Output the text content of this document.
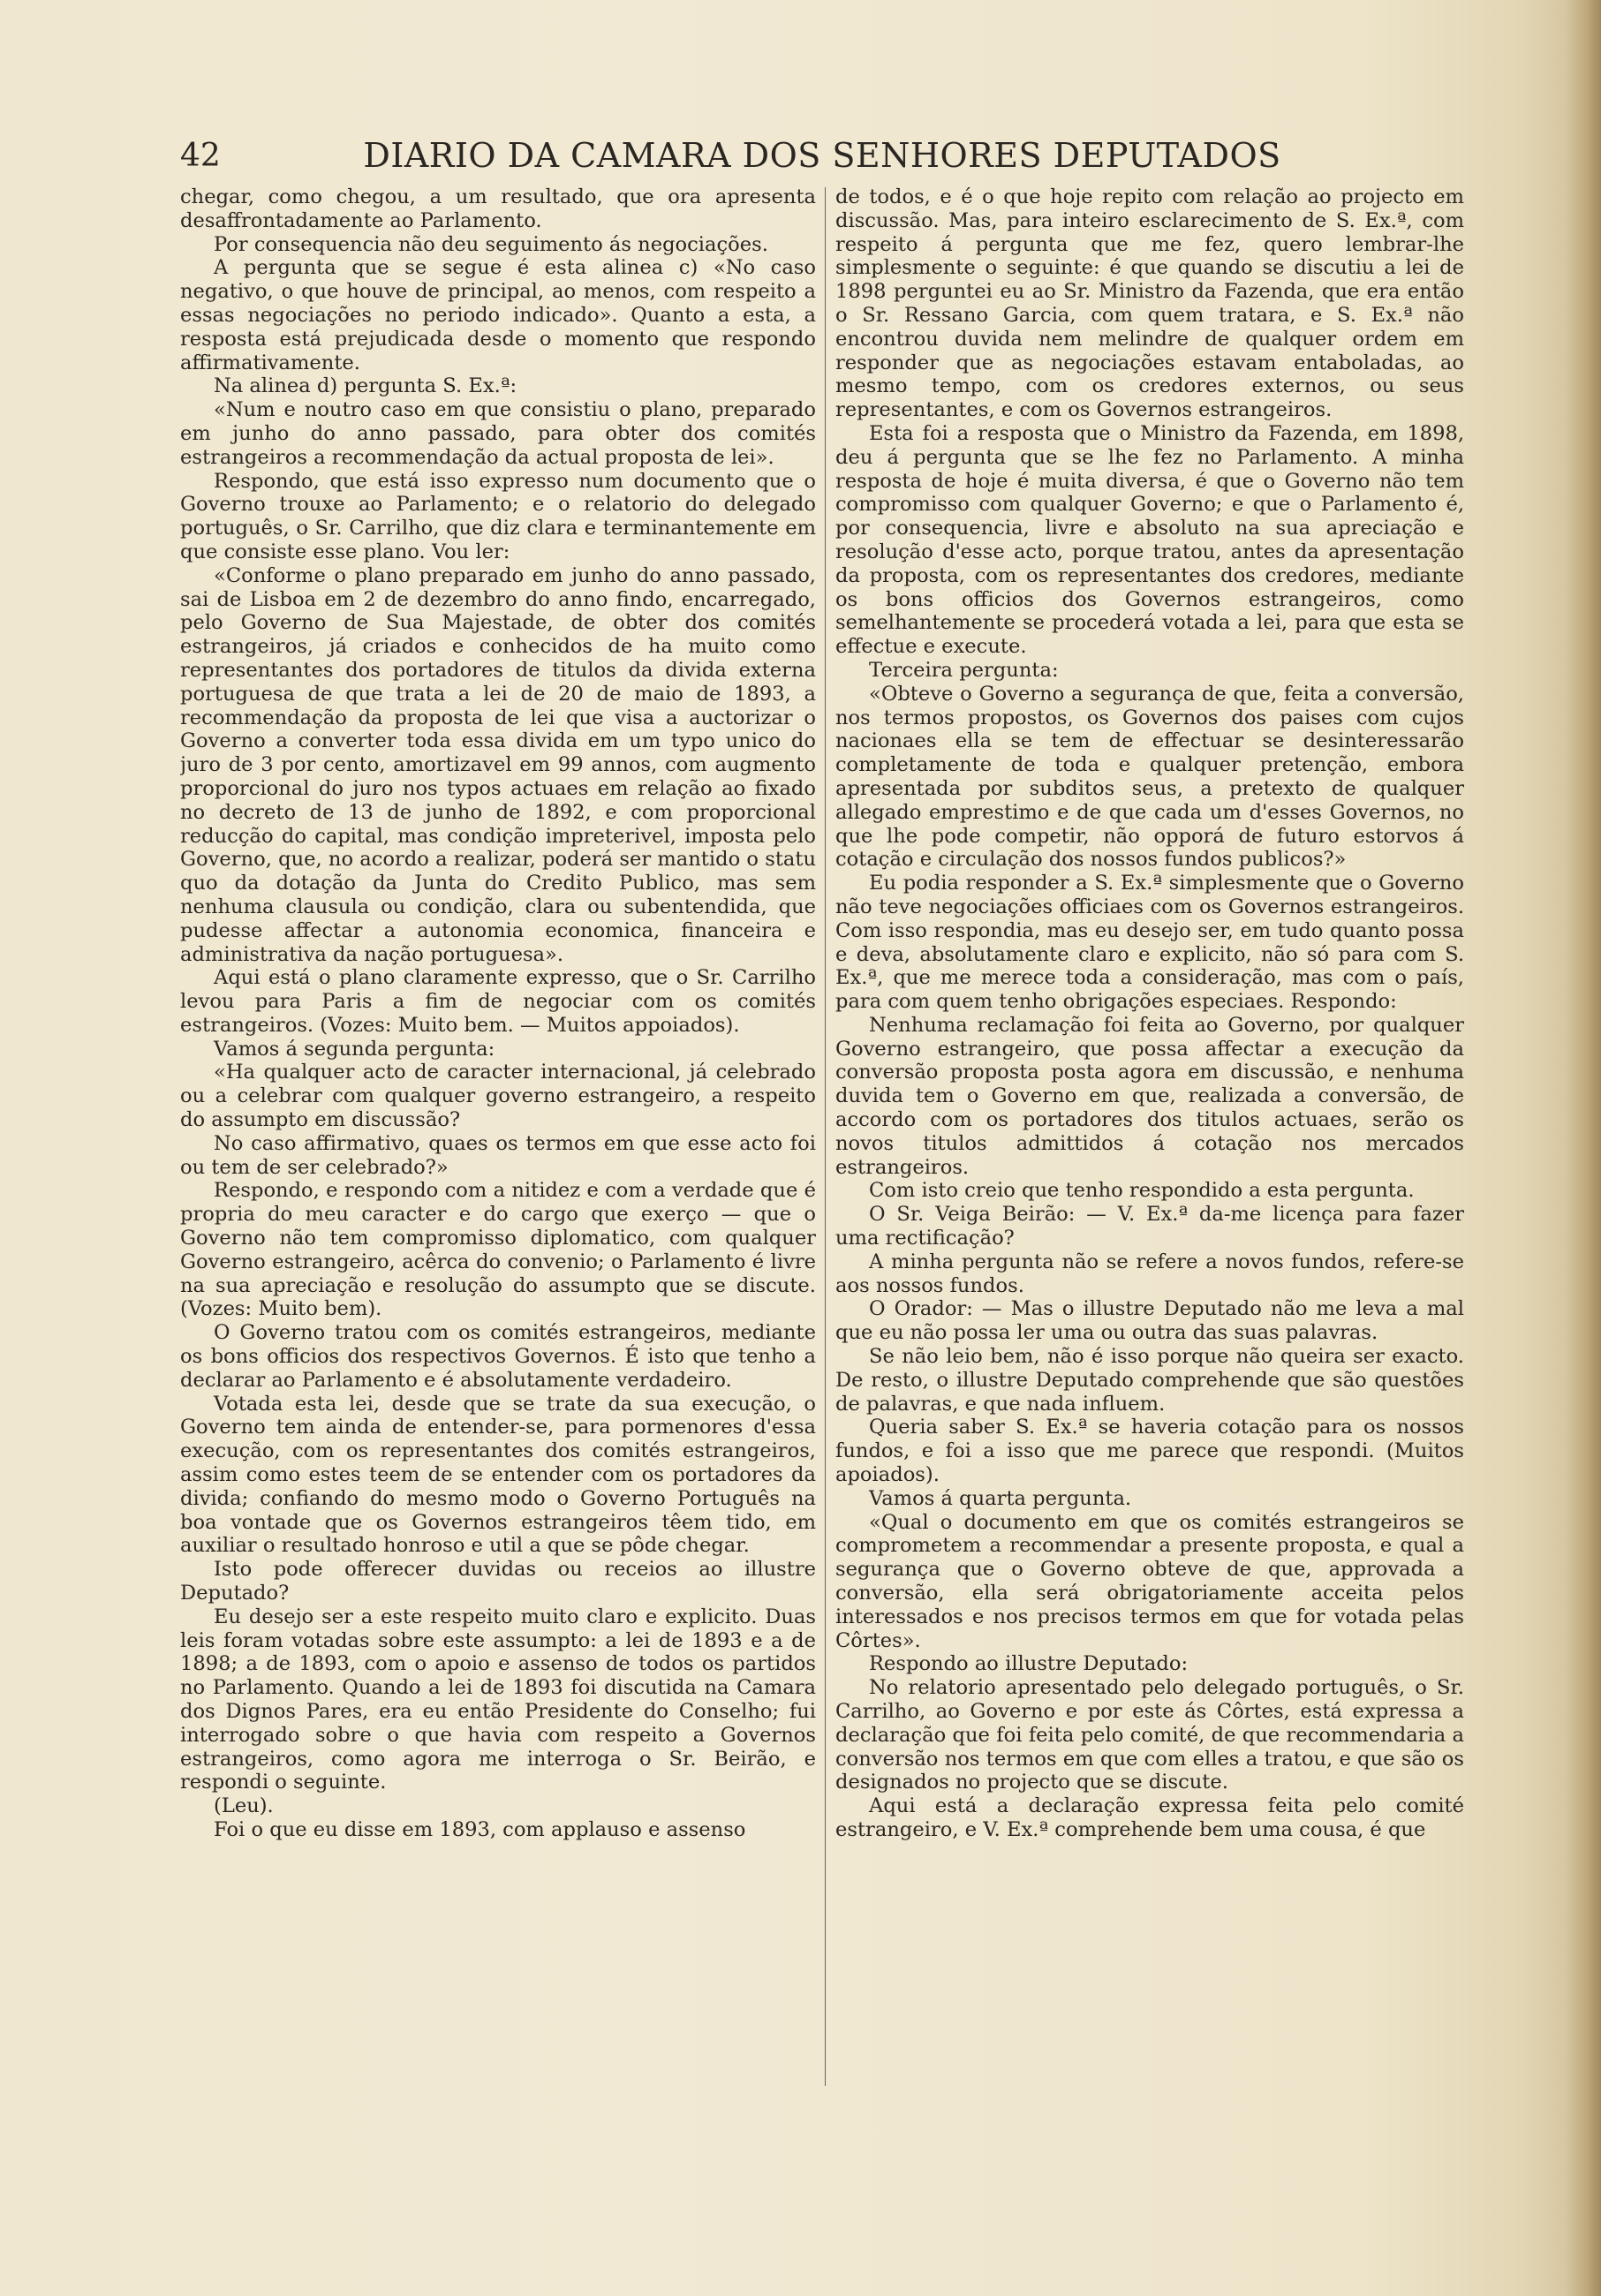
42	DIARIO DA CAMARA DOS SENHORES DEPUTADOS

chegar, como chegou, a um resultado, que ora apresenta desaffrontadamente ao Parlamento.

Por consequencia não deu seguimento ás negociações.

A pergunta que se segue é esta alinea c) «No caso negativo, o que houve de principal, ao menos, com respeito a essas negociações no periodo indicado». Quanto a esta, a resposta está prejudicada desde o momento que respondo affirmativamente.

Na alinea d) pergunta S. Ex.ª:

«Num e noutro caso em que consistiu o plano, preparado em junho do anno passado, para obter dos comités estrangeiros a recommendação da actual proposta de lei».

Respondo, que está isso expresso num documento que o Governo trouxe ao Parlamento; e o relatorio do delegado português, o Sr. Carrilho, que diz clara e terminantemente em que consiste esse plano. Vou ler:

«Conforme o plano preparado em junho do anno passado, sai de Lisboa em 2 de dezembro do anno findo, encarregado, pelo Governo de Sua Majestade, de obter dos comités estrangeiros, já criados e conhecidos de ha muito como representantes dos portadores de titulos da divida externa portuguesa de que trata a lei de 20 de maio de 1893, a recommendação da proposta de lei que visa a auctorizar o Governo a converter toda essa divida em um typo unico do juro de 3 por cento, amortizavel em 99 annos, com augmento proporcional do juro nos typos actuaes em relação ao fixado no decreto de 13 de junho de 1892, e com proporcional reducção do capital, mas condição impreterivel, imposta pelo Governo, que, no acordo a realizar, poderá ser mantido o statu quo da dotação da Junta do Credito Publico, mas sem nenhuma clausula ou condição, clara ou subentendida, que pudesse affectar a autonomia economica, financeira e administrativa da nação portuguesa».

Aqui está o plano claramente expresso, que o Sr. Carrilho levou para Paris a fim de negociar com os comités estrangeiros. (Vozes: Muito bem. — Muitos appoiados).

Vamos á segunda pergunta:

«Ha qualquer acto de caracter internacional, já celebrado ou a celebrar com qualquer governo estrangeiro, a respeito do assumpto em discussão?

No caso affirmativo, quaes os termos em que esse acto foi ou tem de ser celebrado?»

Respondo, e respondo com a nitidez e com a verdade que é propria do meu caracter e do cargo que exerço — que o Governo não tem compromisso diplomatico, com qualquer Governo estrangeiro, acêrca do convenio; o Parlamento é livre na sua apreciação e resolução do assumpto que se discute. (Vozes: Muito bem).

O Governo tratou com os comités estrangeiros, mediante os bons officios dos respectivos Governos. É isto que tenho a declarar ao Parlamento e é absolutamente verdadeiro.

Votada esta lei, desde que se trate da sua execução, o Governo tem ainda de entender-se, para pormenores d'essa execução, com os representantes dos comités estrangeiros, assim como estes teem de se entender com os portadores da divida; confiando do mesmo modo o Governo Português na boa vontade que os Governos estrangeiros têem tido, em auxiliar o resultado honroso e util a que se pôde chegar.

Isto pode offerecer duvidas ou receios ao illustre Deputado?

Eu desejo ser a este respeito muito claro e explicito. Duas leis foram votadas sobre este assumpto: a lei de 1893 e a de 1898; a de 1893, com o apoio e assenso de todos os partidos no Parlamento. Quando a lei de 1893 foi discutida na Camara dos Dignos Pares, era eu então Presidente do Conselho; fui interrogado sobre o que havia com respeito a Governos estrangeiros, como agora me interroga o Sr. Beirão, e respondi o seguinte.

(Leu).

Foi o que eu disse em 1893, com applauso e assenso

de todos, e é o que hoje repito com relação ao projecto em discussão. Mas, para inteiro esclarecimento de S. Ex.ª, com respeito á pergunta que me fez, quero lembrar-lhe simplesmente o seguinte: é que quando se discutiu a lei de 1898 perguntei eu ao Sr. Ministro da Fazenda, que era então o Sr. Ressano Garcia, com quem tratara, e S. Ex.ª não encontrou duvida nem melindre de qualquer ordem em responder que as negociações estavam entaboladas, ao mesmo tempo, com os credores externos, ou seus representantes, e com os Governos estrangeiros.

Esta foi a resposta que o Ministro da Fazenda, em 1898, deu á pergunta que se lhe fez no Parlamento. A minha resposta de hoje é muita diversa, é que o Governo não tem compromisso com qualquer Governo; e que o Parlamento é, por consequencia, livre e absoluto na sua apreciação e resolução d'esse acto, porque tratou, antes da apresentação da proposta, com os representantes dos credores, mediante os bons officios dos Governos estrangeiros, como semelhantemente se procederá votada a lei, para que esta se effectue e execute.

Terceira pergunta:

«Obteve o Governo a segurança de que, feita a conversão, nos termos propostos, os Governos dos paises com cujos nacionaes ella se tem de effectuar se desinteressarão completamente de toda e qualquer pretenção, embora apresentada por subditos seus, a pretexto de qualquer allegado emprestimo e de que cada um d'esses Governos, no que lhe pode competir, não opporá de futuro estorvos á cotação e circulação dos nossos fundos publicos?»

Eu podia responder a S. Ex.ª simplesmente que o Governo não teve negociações officiaes com os Governos estrangeiros. Com isso respondia, mas eu desejo ser, em tudo quanto possa e deva, absolutamente claro e explicito, não só para com S. Ex.ª, que me merece toda a consideração, mas com o país, para com quem tenho obrigações especiaes. Respondo:

Nenhuma reclamação foi feita ao Governo, por qualquer Governo estrangeiro, que possa affectar a execução da conversão proposta posta agora em discussão, e nenhuma duvida tem o Governo em que, realizada a conversão, de accordo com os portadores dos titulos actuaes, serão os novos titulos admittidos á cotação nos mercados estrangeiros.

Com isto creio que tenho respondido a esta pergunta.

O Sr. Veiga Beirão: — V. Ex.ª da-me licença para fazer uma rectificação?

A minha pergunta não se refere a novos fundos, refere-se aos nossos fundos.

O Orador: — Mas o illustre Deputado não me leva a mal que eu não possa ler uma ou outra das suas palavras.

Se não leio bem, não é isso porque não queira ser exacto. De resto, o illustre Deputado comprehende que são questões de palavras, e que nada influem.

Queria saber S. Ex.ª se haveria cotação para os nossos fundos, e foi a isso que me parece que respondi. (Muitos apoiados).

Vamos á quarta pergunta.

«Qual o documento em que os comités estrangeiros se comprometem a recommendar a presente proposta, e qual a segurança que o Governo obteve de que, approvada a conversão, ella será obrigatoriamente acceita pelos interessados e nos precisos termos em que for votada pelas Côrtes».

Respondo ao illustre Deputado:

No relatorio apresentado pelo delegado português, o Sr. Carrilho, ao Governo e por este ás Côrtes, está expressa a declaração que foi feita pelo comité, de que recommendaria a conversão nos termos em que com elles a tratou, e que são os designados no projecto que se discute.

Aqui está a declaração expressa feita pelo comité estrangeiro, e V. Ex.ª comprehende bem uma cousa, é que
